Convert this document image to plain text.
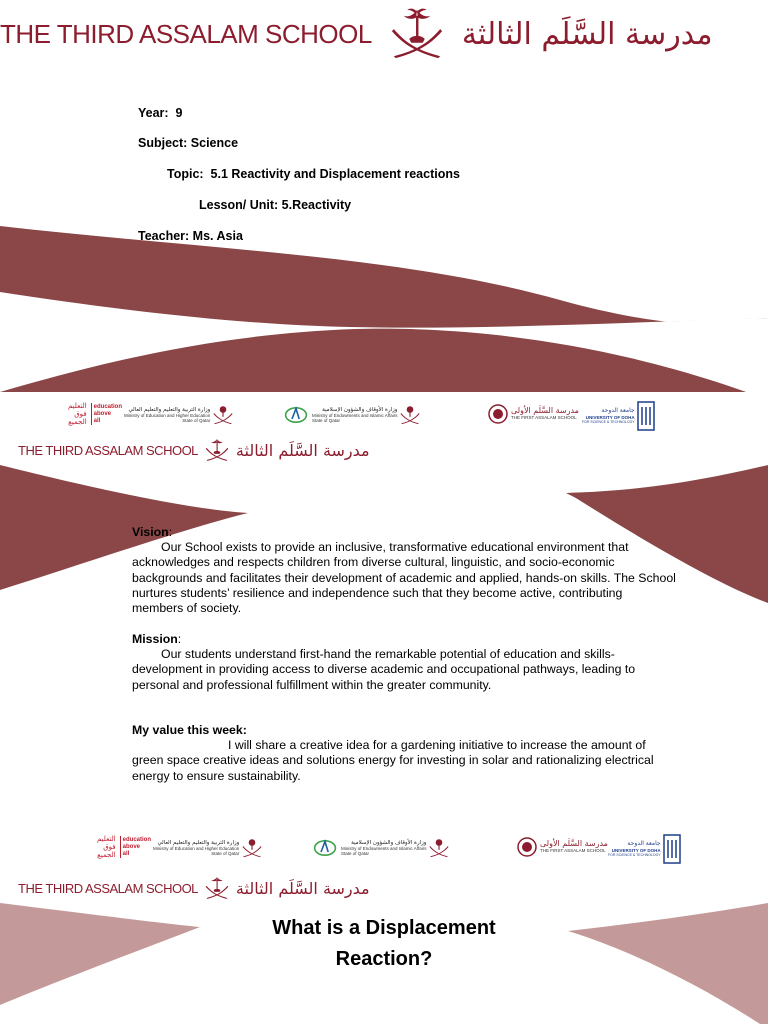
THE THIRD ASSALAM SCHOOL	مدرسة السَّلَم الثالثة
Year: 9
Subject: Science
Topic: 5.1 Reactivity and Displacement reactions
Lesson/ Unit: 5.Reactivity
Teacher: Ms. Asia
التعليم
فوق
الجميع
education
above
all
وزارة التربية والتعليم والتعليم العالي
Ministry of Education and Higher Education
State of Qatar
وزارة الأوقاف والشؤون الإسلامية
Ministry of Endowments and Islamic Affairs
State of Qatar
مدرسة السَّلَم الأولى
THE FIRST ASSALAM SCHOOL
جامعة الدوحة
UNIVERSITY OF DOHA
FOR SCIENCE & TECHNOLOGY
THE THIRD ASSALAM SCHOOL مدرسة السَّلَم الثالثة

Vision:

Our School exists to provide an inclusive, transformative educational environment that acknowledges and respects children from diverse cultural, linguistic, and socio-economic backgrounds and facilitates their development of academic and applied, hands-on skills. The School nurtures students’ resilience and independence such that they become active, contributing members of society.

Mission:

Our students understand first-hand the remarkable potential of education and skills-development in providing access to diverse academic and occupational pathways, leading to personal and professional fulfillment within the greater community.

My value this week:

I will share a creative idea for a gardening initiative to increase the amount of green space creative ideas and solutions energy for investing in solar and rationalizing electrical energy to ensure sustainability.

التعليم
فوق
الجميع
education
above
all
وزارة التربية والتعليم والتعليم العالي
Ministry of Education and Higher Education
State of Qatar
وزارة الأوقاف والشؤون الإسلامية
Ministry of Endowments and Islamic Affairs
State of Qatar
مدرسة السَّلَم الأولى
THE FIRST ASSALAM SCHOOL
جامعة الدوحة
UNIVERSITY OF DOHA
FOR SCIENCE & TECHNOLOGY
THE THIRD ASSALAM SCHOOL مدرسة السَّلَم الثالثة
What is a Displacement
Reaction?
